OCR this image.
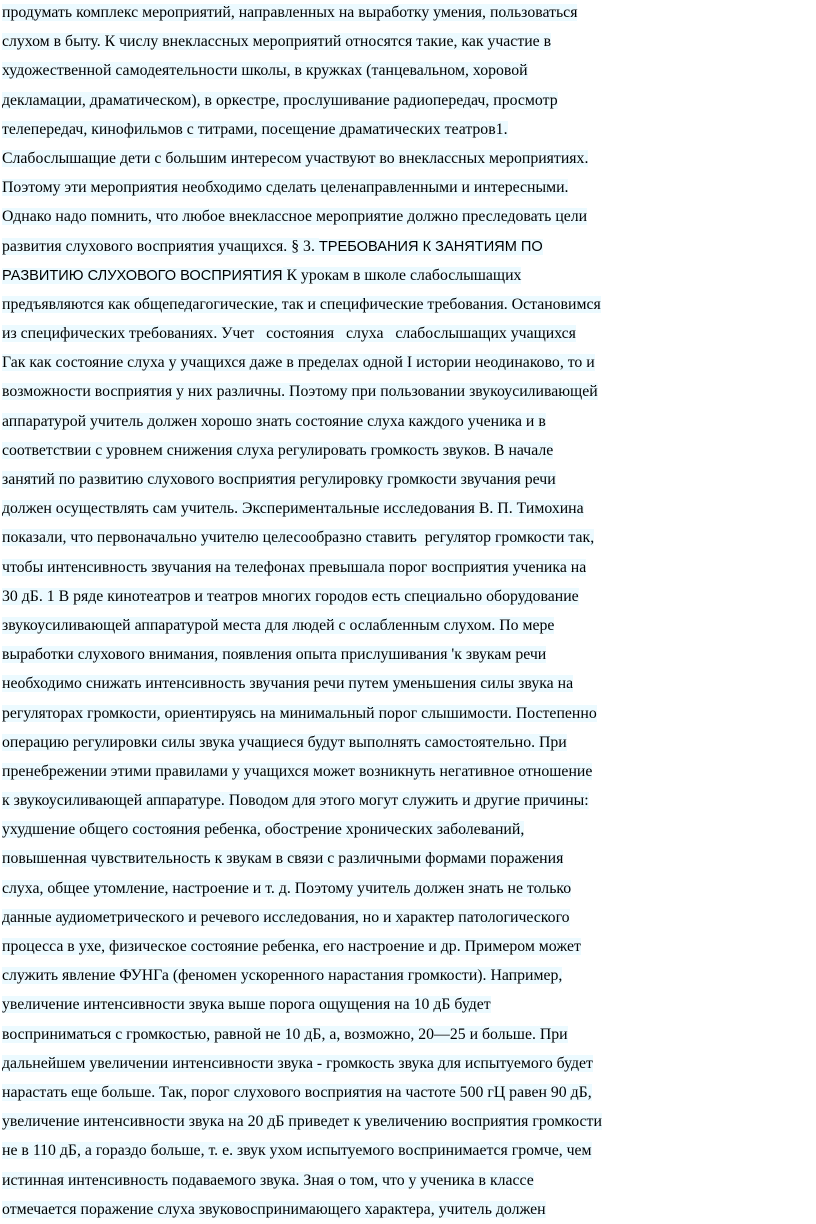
продумать комплекс мероприятий, направленных на выработку умения, пользоваться
слухом в быту. К числу внеклассных мероприятий относятся такие, как участие в
художественной самодеятельности школы, в кружках (танцевальном, хоровой
декламации, драматическом), в оркестре, прослушивание радиопередач, просмотр
телепередач, кинофильмов с титрами, посещение драматических театров1.
Слабослышащие дети с большим интересом участвуют во внеклассных мероприятиях.
Поэтому эти мероприятия необходимо сделать целенаправленными и интересными.
Однако надо помнить, что любое внеклассное мероприятие должно преследовать цели
развития слухового восприятия учащихся. § 3. ТРЕБОВАНИЯ К ЗАНЯТИЯМ ПО
РАЗВИТИЮ СЛУХОВОГО ВОСПРИЯТИЯ К урокам в школе слабослышащих
предъявляются как общепедагогические, так и специфические требования. Остановимся
из специфических требованиях. Учет   состояния   слуха   слабослышащих учащихся
Гак как состояние слуха у учащихся даже в пределах одной I истории неодинаково, то и
возможности восприятия у них различны. Поэтому при пользовании звукоусиливающей
аппаратурой учитель должен хорошо знать состояние слуха каждого ученика и в
соответствии с уровнем снижения слуха регулировать громкость звуков. В начале
занятий по развитию слухового восприятия регулировку громкости звучания речи
должен осуществлять сам учитель. Экспериментальные исследования В. П. Тимохина
показали, что первоначально учителю целесообразно ставить  регулятор громкости так,
чтобы интенсивность звучания на телефонах превышала порог восприятия ученика на
30 дБ. 1 В ряде кинотеатров и театров многих городов есть специально оборудование
звукоусиливающей аппаратурой места для людей с ослабленным слухом. По мере
выработки слухового внимания, появления опыта прислушивания 'к звукам речи
необходимо снижать интенсивность звучания речи путем уменьшения силы звука на
регуляторах громкости, ориентируясь на минимальный порог слышимости. Постепенно
операцию регулировки силы звука учащиеся будут выполнять самостоятельно. При
пренебрежении этими правилами у учащихся может возникнуть негативное отношение
к звукоусиливающей аппаратуре. Поводом для этого могут служить и другие причины:
ухудшение общего состояния ребенка, обострение хронических заболеваний,
повышенная чувствительность к звукам в связи с различными формами поражения
слуха, общее утомление, настроение и т. д. Поэтому учитель должен знать не только
данные аудиометрического и речевого исследования, но и характер патологического
процесса в ухе, физическое состояние ребенка, его настроение и др. Примером может
служить явление ФУНГа (феномен ускоренного нарастания громкости). Например,
увеличение интенсивности звука выше порога ощущения на 10 дБ будет
восприниматься с громкостью, равной не 10 дБ, а, возможно, 20—25 и больше. При
дальнейшем увеличении интенсивности звука - громкость звука для испытуемого будет
нарастать еще больше. Так, порог слухового восприятия на частоте 500 гЦ равен 90 дБ,
увеличение интенсивности звука на 20 дБ приведет к увеличению восприятия громкости
не в 110 дБ, а гораздо больше, т. е. звук ухом испытуемого воспринимается громче, чем
истинная интенсивность подаваемого звука. Зная о том, что у ученика в классе
отмечается поражение слуха звуковоспринимающего характера, учитель должен
